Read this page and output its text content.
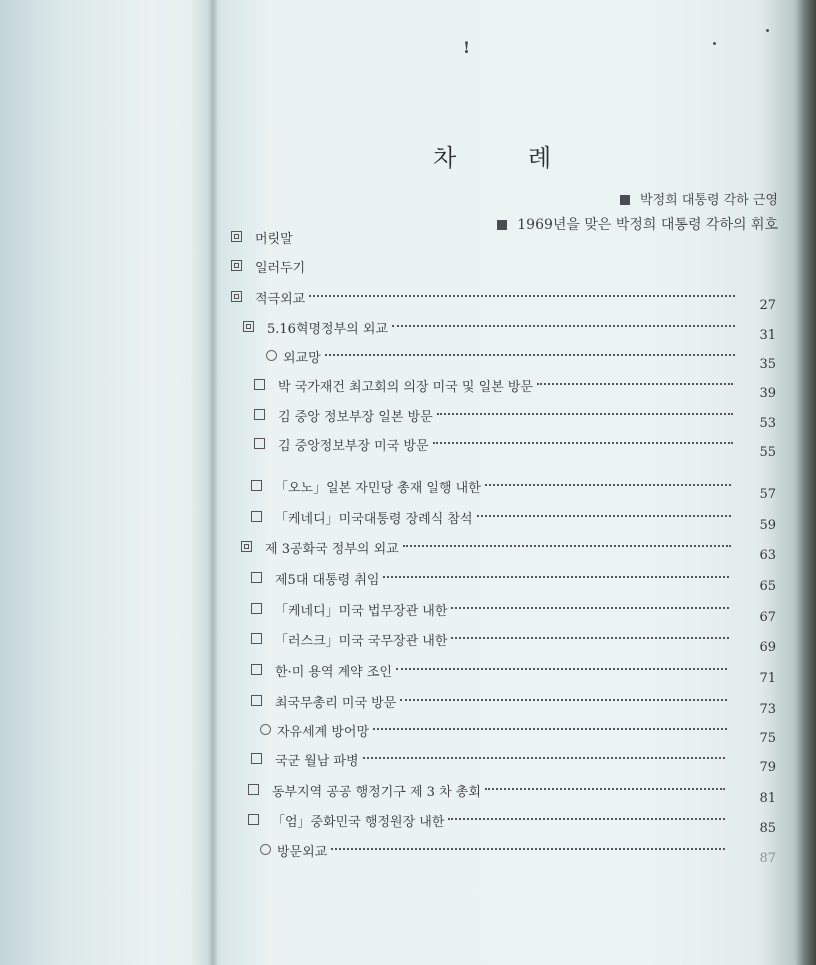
!
차	례
박정희 대통령 각하 근영
1969년을 맞은 박정희 대통령 각하의 휘호
머릿말
일러두기
적극외교	27
5.16혁명정부의 외교	31
외교망	35
박 국가재건 최고회의 의장 미국 및 일본 방문	39
김 중앙 정보부장 일본 방문	53
김 중앙정보부장 미국 방문	55
「오노」일본 자민당 총재 일행 내한	57
「케네디」미국대통령 장례식 참석	59
제 3공화국 정부의 외교	63
제5대 대통령 취임	65
「케네디」미국 법무장관 내한	67
「러스크」미국 국무장관 내한	69
한·미 용역 계약 조인	71
최국무총리 미국 방문	73
자유세계 방어망	75
국군 월남 파병	79
동부지역 공공 행정기구 제 3 차 총회	81
「엄」중화민국 행정원장 내한	85
방문외교	87
